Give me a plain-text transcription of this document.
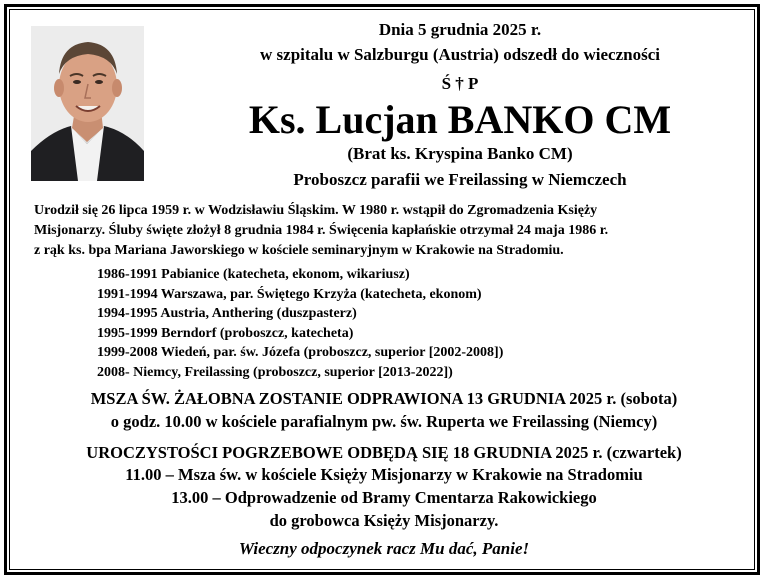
Dnia 5 grudnia 2025 r.
w szpitalu w Salzburgu (Austria) odszedł do wieczności
Ś † P
Ks. Lucjan BANKO CM
(Brat ks. Kryspina Banko CM)
Proboszcz parafii we Freilassing w Niemczech
Urodził się 26 lipca 1959 r. w Wodzisławiu Śląskim. W 1980 r. wstąpił do Zgromadzenia Księży
Misjonarzy. Śluby święte złożył 8 grudnia 1984 r. Święcenia kapłańskie otrzymał 24 maja 1986 r.
z rąk ks. bpa Mariana Jaworskiego w kościele seminaryjnym w Krakowie na Stradomiu.
1986-1991 Pabianice (katecheta, ekonom, wikariusz)
1991-1994 Warszawa, par. Świętego Krzyża (katecheta, ekonom)
1994-1995 Austria, Anthering (duszpasterz)
1995-1999 Berndorf (proboszcz, katecheta)
1999-2008 Wiedeń, par. św. Józefa (proboszcz, superior [2002-2008])
2008- Niemcy, Freilassing (proboszcz, superior [2013-2022])
MSZA ŚW. ŻAŁOBNA ZOSTANIE ODPRAWIONA 13 GRUDNIA 2025 r. (sobota)
o godz. 10.00 w kościele parafialnym pw. św. Ruperta we Freilassing (Niemcy)
UROCZYSTOŚCI POGRZEBOWE ODBĘDĄ SIĘ 18 GRUDNIA 2025 r. (czwartek)
11.00 – Msza św. w kościele Księży Misjonarzy w Krakowie na Stradomiu
13.00 – Odprowadzenie od Bramy Cmentarza Rakowickiego
do grobowca Księży Misjonarzy.
Wieczny odpoczynek racz Mu dać, Panie!
